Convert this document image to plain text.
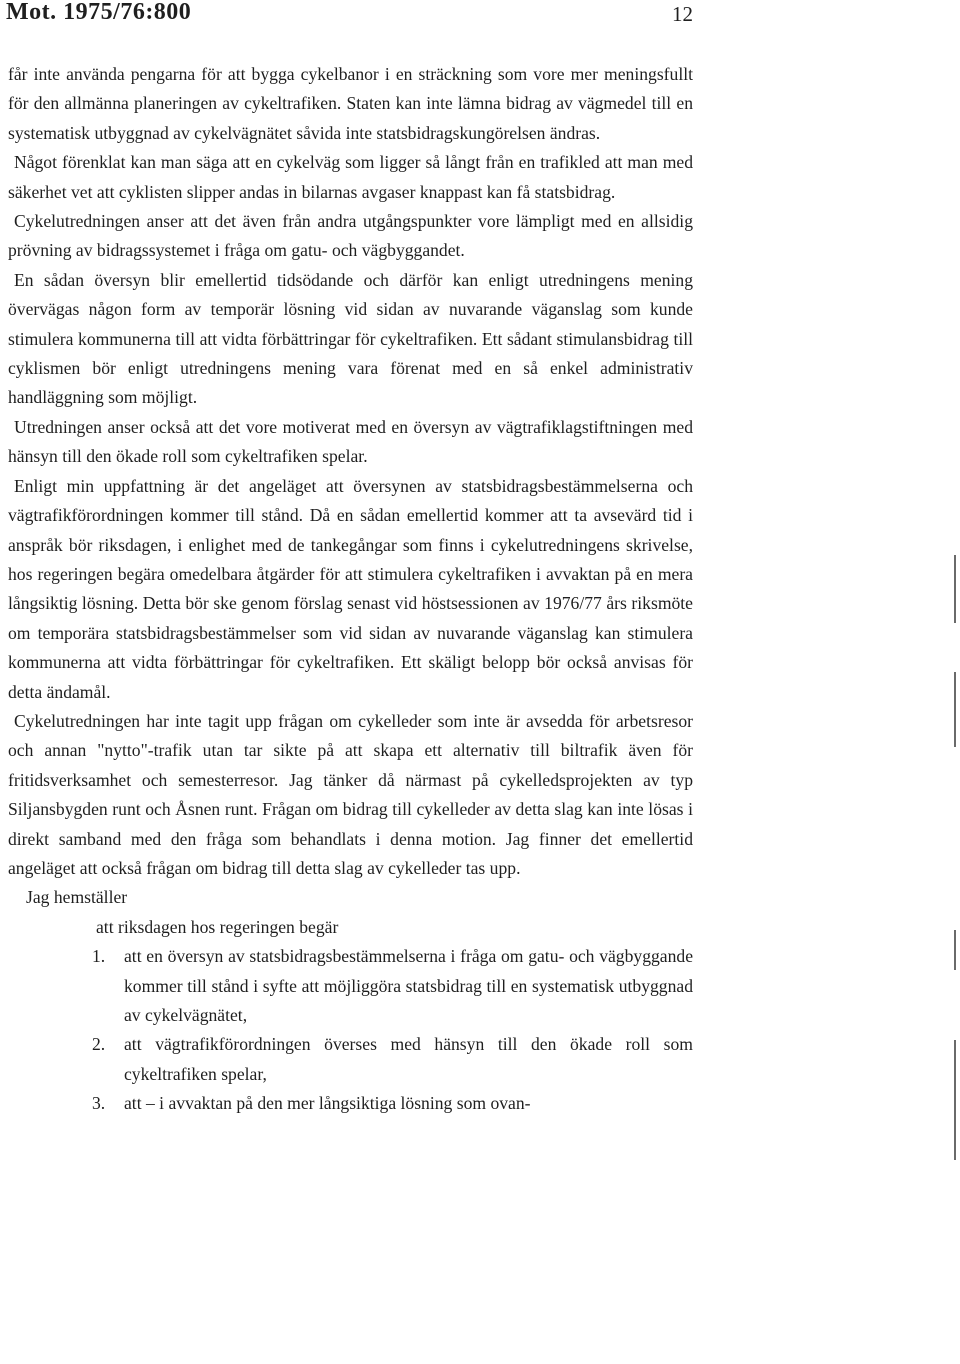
Mot. 1975/76:800	12

får inte använda pengarna för att bygga cykelbanor i en sträckning som vore mer meningsfullt för den allmänna planeringen av cykeltrafiken. Staten kan inte lämna bidrag av vägmedel till en systematisk utbyggnad av cykelvägnätet såvida inte statsbidragskungörelsen ändras.

Något förenklat kan man säga att en cykelväg som ligger så långt från en trafikled att man med säkerhet vet att cyklisten slipper andas in bilarnas avgaser knappast kan få statsbidrag.

Cykelutredningen anser att det även från andra utgångspunkter vore lämpligt med en allsidig prövning av bidragssystemet i fråga om gatu- och vägbyggandet.

En sådan översyn blir emellertid tidsödande och därför kan enligt utredningens mening övervägas någon form av temporär lösning vid sidan av nuvarande väganslag som kunde stimulera kommunerna till att vidta förbättringar för cykeltrafiken. Ett sådant stimulansbidrag till cyklismen bör enligt utredningens mening vara förenat med en så enkel administrativ handläggning som möjligt.

Utredningen anser också att det vore motiverat med en översyn av vägtrafiklagstiftningen med hänsyn till den ökade roll som cykeltrafiken spelar.

Enligt min uppfattning är det angeläget att översynen av statsbidragsbestämmelserna och vägtrafikförordningen kommer till stånd. Då en sådan emellertid kommer att ta avsevärd tid i anspråk bör riksdagen, i enlighet med de tankegångar som finns i cykelutredningens skrivelse, hos regeringen begära omedelbara åtgärder för att stimulera cykeltrafiken i avvaktan på en mera långsiktig lösning. Detta bör ske genom förslag senast vid höstsessionen av 1976/77 års riksmöte om temporära statsbidragsbestämmelser som vid sidan av nuvarande väganslag kan stimulera kommunerna att vidta förbättringar för cykeltrafiken. Ett skäligt belopp bör också anvisas för detta ändamål.

Cykelutredningen har inte tagit upp frågan om cykelleder som inte är avsedda för arbetsresor och annan "nytto"-trafik utan tar sikte på att skapa ett alternativ till biltrafik även för fritidsverksamhet och semesterresor. Jag tänker då närmast på cykelledsprojekten av typ Siljansbygden runt och Åsnen runt. Frågan om bidrag till cykelleder av detta slag kan inte lösas i direkt samband med den fråga som behandlats i denna motion. Jag finner det emellertid angeläget att också frågan om bidrag till detta slag av cykelleder tas upp.

Jag hemställer

att riksdagen hos regeringen begär

1. att en översyn av statsbidragsbestämmelserna i fråga om gatu- och vägbyggande kommer till stånd i syfte att möjliggöra statsbidrag till en systematisk utbyggnad av cykelvägnätet,
2. att vägtrafikförordningen överses med hänsyn till den ökade roll som cykeltrafiken spelar,
3. att – i avvaktan på den mer långsiktiga lösning som ovan-
